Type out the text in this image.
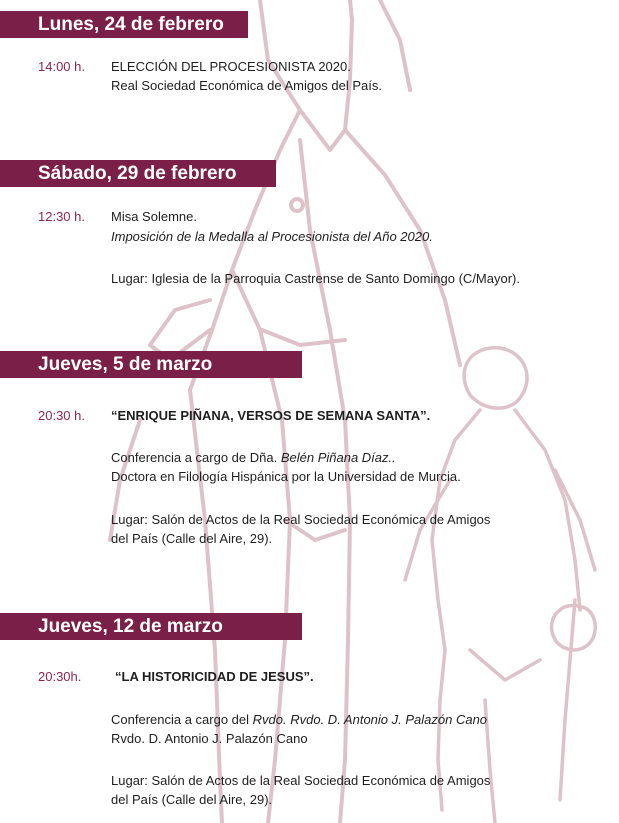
Lunes, 24 de febrero
14:00 h. ELECCIÓN DEL PROCESIONISTA 2020.
Real Sociedad Económica de Amigos del País.
Sábado, 29 de febrero
12:30 h. Misa Solemne.
Imposición de la Medalla al Procesionista del Año 2020.
Lugar: Iglesia de la Parroquia Castrense de Santo Domingo (C/Mayor).
Jueves, 5 de marzo
20:30 h. “ENRIQUE PIÑANA, VERSOS DE SEMANA SANTA”.
Conferencia a cargo de Dña. Belén Piñana Díaz..
Doctora en Filología Hispánica por la Universidad de Murcia.
Lugar: Salón de Actos de la Real Sociedad Económica de Amigos
del País (Calle del Aire, 29).
Jueves, 12 de marzo
20:30h.	“LA HISTORICIDAD DE JESUS”.
Conferencia a cargo del Rvdo. Rvdo. D. Antonio J. Palazón Cano
Rvdo. D. Antonio J. Palazón Cano
Lugar: Salón de Actos de la Real Sociedad Económica de Amigos
del País (Calle del Aire, 29).
